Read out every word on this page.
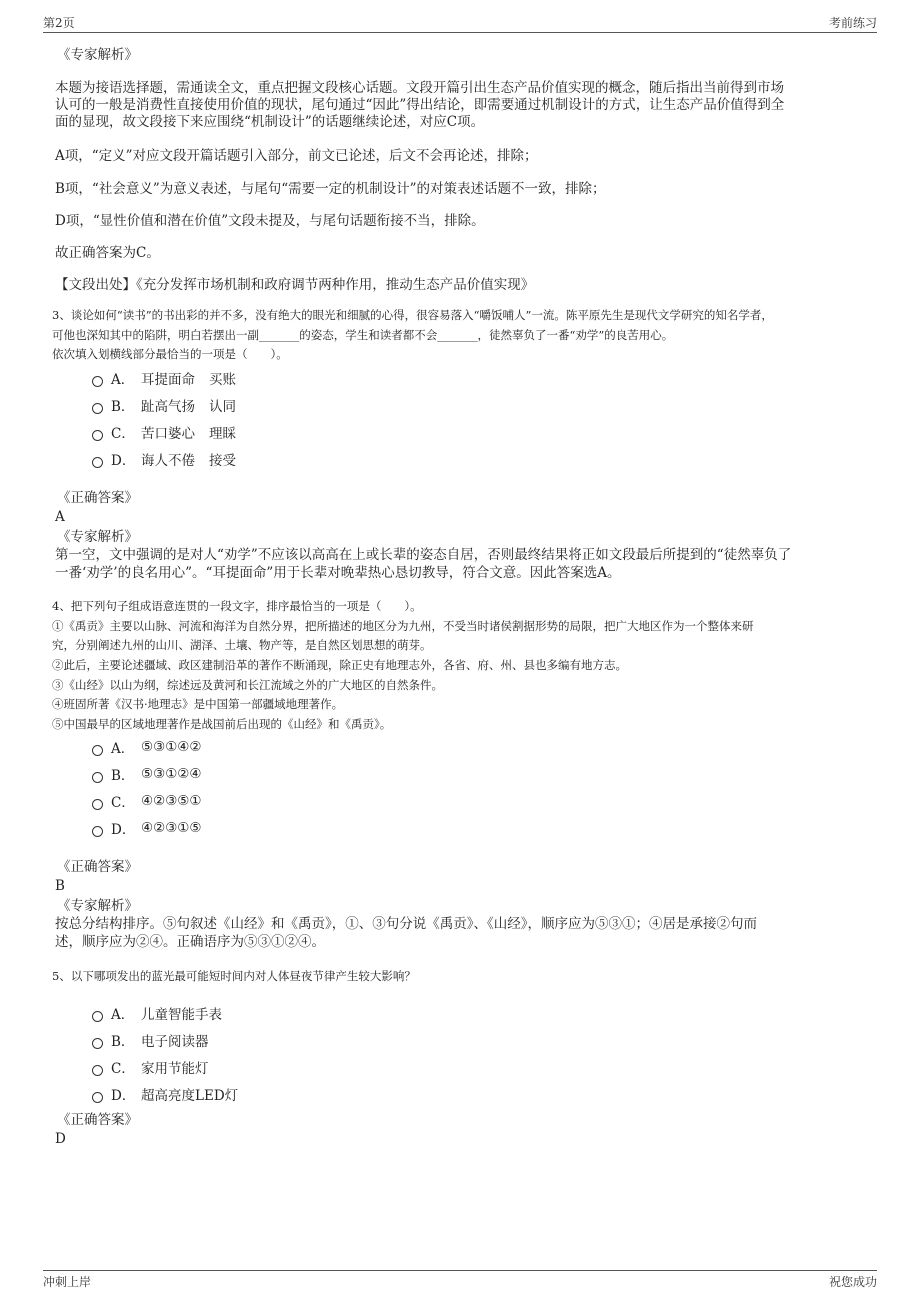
第2页	考前练习
《专家解析》
本题为接语选择题，需通读全文，重点把握文段核心话题。文段开篇引出生态产品价值实现的概念，随后指出当前得到市场
认可的一般是消费性直接使用价值的现状，尾句通过“因此”得出结论，即需要通过机制设计的方式，让生态产品价值得到全
面的显现，故文段接下来应围绕“机制设计”的话题继续论述，对应C项。
A项，“定义”对应文段开篇话题引入部分，前文已论述，后文不会再论述，排除；
B项，“社会意义”为意义表述，与尾句“需要一定的机制设计”的对策表述话题不一致，排除；
D项，“显性价值和潜在价值”文段未提及，与尾句话题衔接不当，排除。
故正确答案为C。
【文段出处】《充分发挥市场机制和政府调节两种作用，推动生态产品价值实现》
3、谈论如何“读书”的书出彩的并不多，没有绝大的眼光和细腻的心得，很容易落入“嚼饭哺人”一流。陈平原先生是现代文学研究的知名学者，
可他也深知其中的陷阱，明白若摆出一副_______的姿态，学生和读者都不会_______，徒然辜负了一番“劝学”的良苦用心。
依次填入划横线部分最恰当的一项是（　　）。
A． 耳提面命 买账
B． 趾高气扬 认同
C． 苦口婆心 理睬
D． 诲人不倦 接受
《正确答案》
A
《专家解析》
第一空，文中强调的是对人“劝学”不应该以高高在上或长辈的姿态自居，否则最终结果将正如文段最后所提到的“徒然辜负了
一番‘劝学’的良名用心”。“耳提面命”用于长辈对晚辈热心恳切教导，符合文意。因此答案选A。
4、把下列句子组成语意连贯的一段文字，排序最恰当的一项是（　　）。
①《禹贡》主要以山脉、河流和海洋为自然分界，把所描述的地区分为九州，不受当时诸侯割据形势的局限，把广大地区作为一个整体来研
究，分别阐述九州的山川、湖泽、土壤、物产等，是自然区划思想的萌芽。
②此后，主要论述疆域、政区建制沿革的著作不断涌现，除正史有地理志外，各省、府、州、县也多编有地方志。
③《山经》以山为纲，综述远及黄河和长江流域之外的广大地区的自然条件。
④班固所著《汉书·地理志》是中国第一部疆域地理著作。
⑤中国最早的区域地理著作是战国前后出现的《山经》和《禹贡》。
A． ⑤③①④②
B． ⑤③①②④
C． ④②③⑤①
D． ④②③①⑤
《正确答案》
B
《专家解析》
按总分结构排序。⑤句叙述《山经》和《禹贡》，①、③句分说《禹贡》、《山经》，顺序应为⑤③①；④居是承接②句而
述，顺序应为②④。正确语序为⑤③①②④。
5、以下哪项发出的蓝光最可能短时间内对人体昼夜节律产生较大影响？
A． 儿童智能手表
B． 电子阅读器
C． 家用节能灯
D． 超高亮度LED灯
《正确答案》
D
冲刺上岸	祝您成功
